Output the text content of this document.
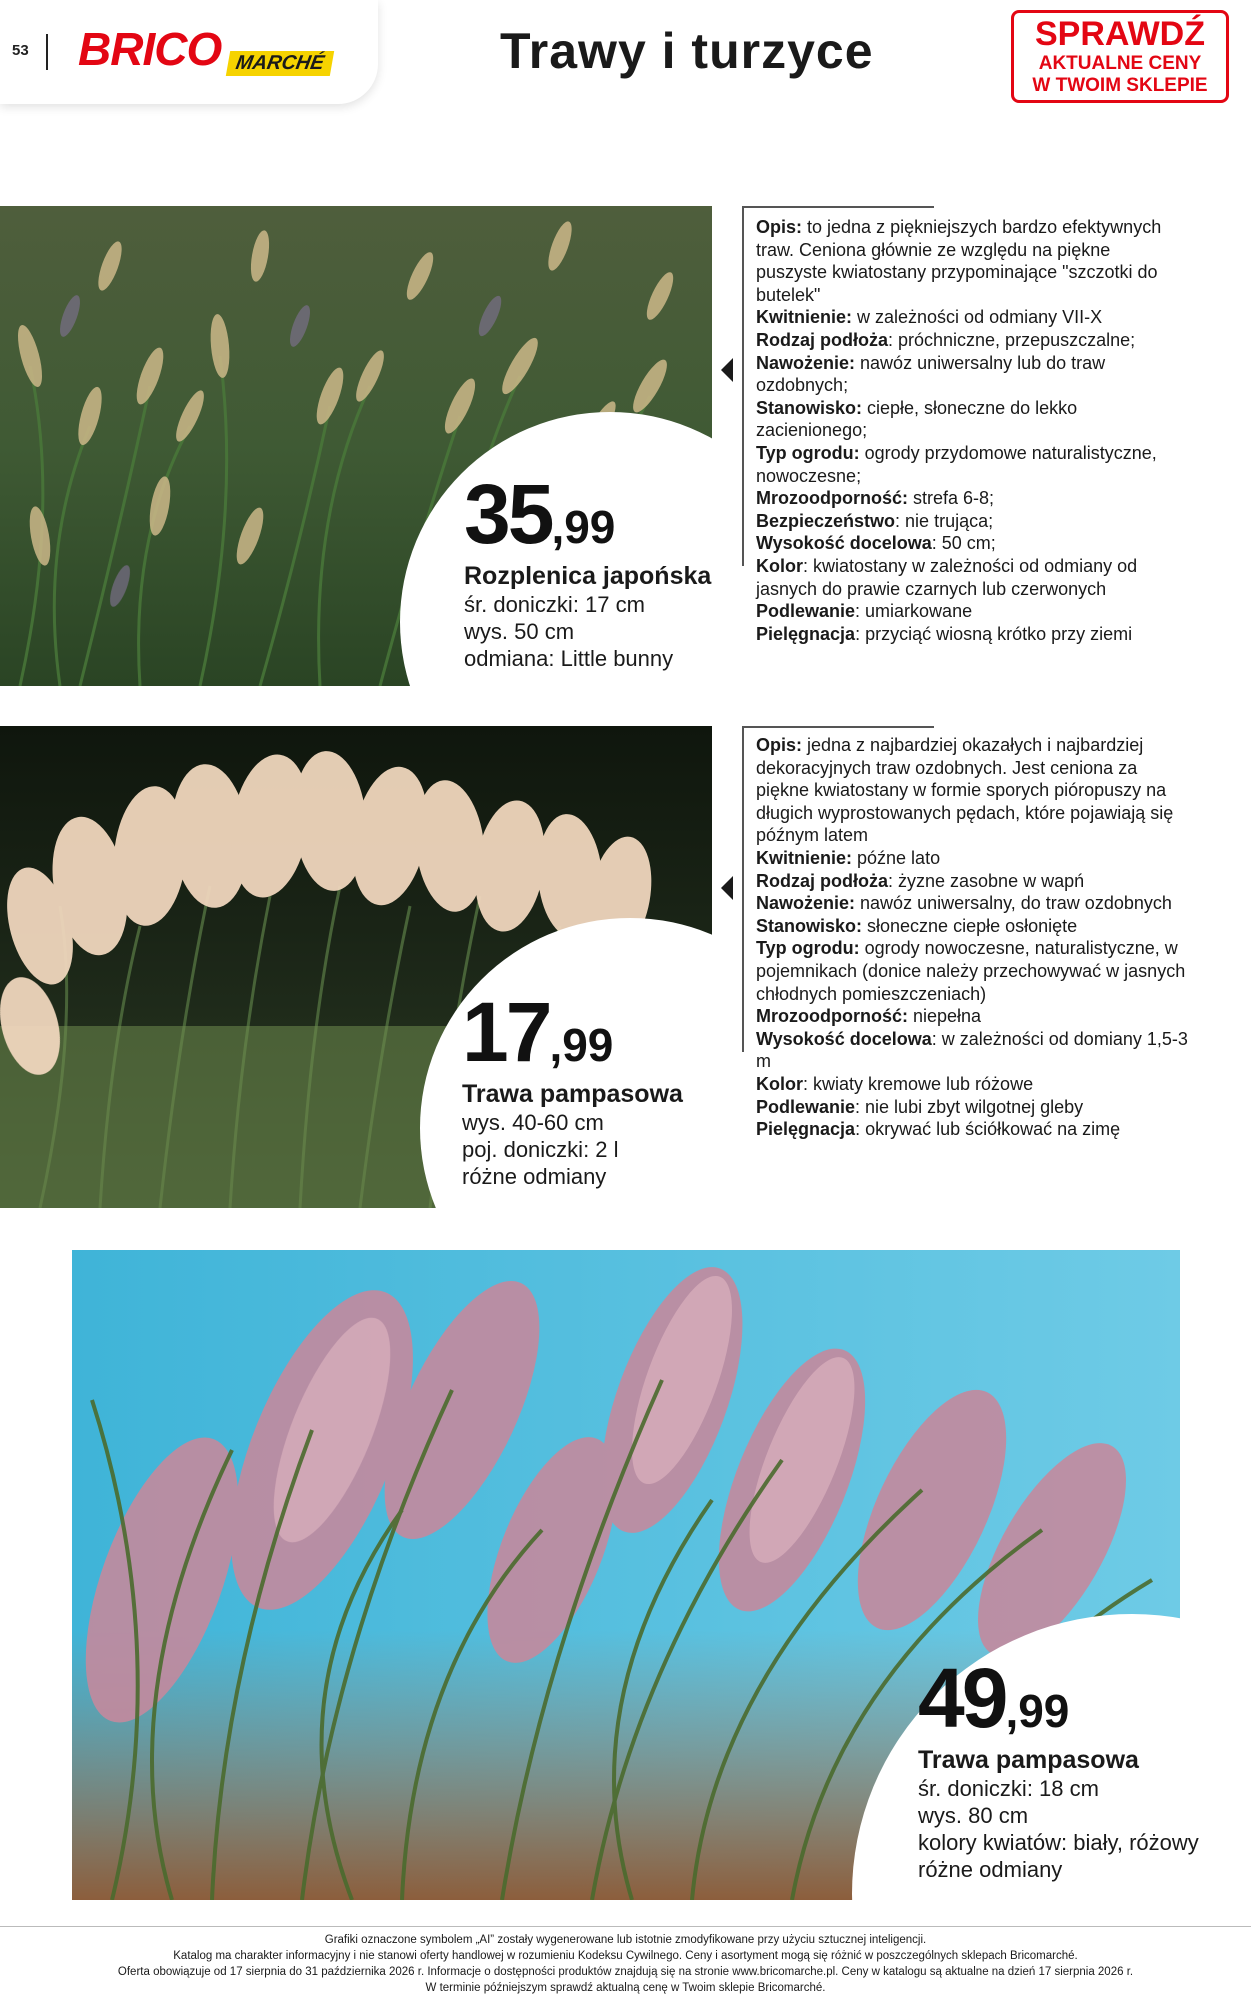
53 BRICO MARCHÉ	Trawy i turzyce	SPRAWDŹ
AKTUALNE CENY
W TWOIM SKLEPIE
35,99
Rozplenica japońska
śr. doniczki: 17 cm
wys. 50 cm
odmiana: Little bunny
Opis: to jedna z piękniejszych bardzo efektywnych traw. Ceniona głównie ze względu na piękne puszyste kwiatostany przypominające "szczotki do butelek"
Kwitnienie: w zależności od odmiany VII-X
Rodzaj podłoża: próchniczne, przepuszczalne;
Nawożenie: nawóz uniwersalny lub do traw ozdobnych;
Stanowisko: ciepłe, słoneczne do lekko zacienionego;
Typ ogrodu: ogrody przydomowe naturalistyczne, nowoczesne;
Mrozoodporność: strefa 6-8;
Bezpieczeństwo: nie trująca;
Wysokość docelowa: 50 cm;
Kolor: kwiatostany w zależności od odmiany od jasnych do prawie czarnych lub czerwonych
Podlewanie: umiarkowane
Pielęgnacja: przyciąć wiosną krótko przy ziemi
17,99
Trawa pampasowa
wys. 40-60 cm
poj. doniczki: 2 l
różne odmiany
Opis: jedna z najbardziej okazałych i najbardziej dekoracyjnych traw ozdobnych. Jest ceniona za piękne kwiatostany w formie sporych pióropuszy na długich wyprostowanych pędach, które pojawiają się późnym latem
Kwitnienie: późne lato
Rodzaj podłoża: żyzne zasobne w wapń
Nawożenie: nawóz uniwersalny, do traw ozdobnych
Stanowisko: słoneczne ciepłe osłonięte
Typ ogrodu: ogrody nowoczesne, naturalistyczne, w pojemnikach (donice należy przechowywać w jasnych chłodnych pomieszczeniach)
Mrozoodporność: niepełna
Wysokość docelowa: w zależności od domiany 1,5-3 m
Kolor: kwiaty kremowe lub różowe
Podlewanie: nie lubi zbyt wilgotnej gleby
Pielęgnacja: okrywać lub ściółkować na zimę
49,99
Trawa pampasowa
śr. doniczki: 18 cm
wys. 80 cm
kolory kwiatów: biały, różowy
różne odmiany
Grafiki oznaczone symbolem „AI” zostały wygenerowane lub istotnie zmodyfikowane przy użyciu sztucznej inteligencji.
Katalog ma charakter informacyjny i nie stanowi oferty handlowej w rozumieniu Kodeksu Cywilnego. Ceny i asortyment mogą się różnić w poszczególnych sklepach Bricomarché.
Oferta obowiązuje od 17 sierpnia do 31 października 2026 r. Informacje o dostępności produktów znajdują się na stronie www.bricomarche.pl. Ceny w katalogu są aktualne na dzień 17 sierpnia 2026 r.
W terminie późniejszym sprawdź aktualną cenę w Twoim sklepie Bricomarché.
